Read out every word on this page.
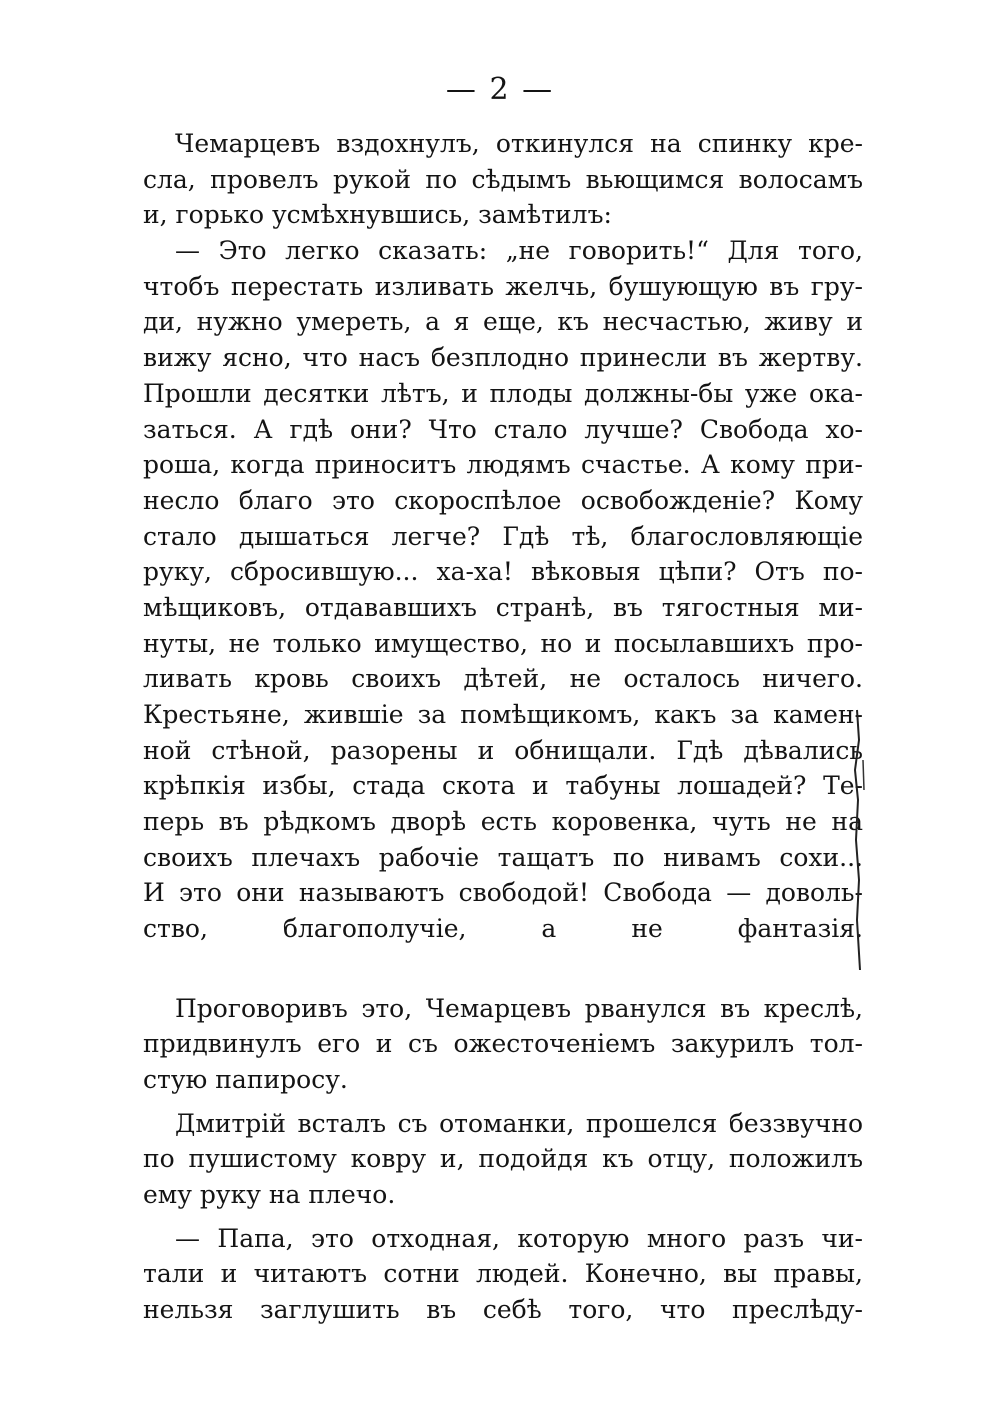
— 2 —
Чемарцевъ вздохнулъ, откинулся на спинку кре-
сла, провелъ рукой по сѣдымъ вьющимся волосамъ
и, горько усмѣхнувшись, замѣтилъ:
— Это легко сказать: „не говорить!“ Для того,
чтобъ перестать изливать желчь, бушующую въ гру-
ди, нужно умереть, а я еще, къ несчастью, живу и
вижу ясно, что насъ безплодно принесли въ жертву.
Прошли десятки лѣтъ, и плоды должны-бы уже ока-
заться. А гдѣ они? Что стало лучше? Свобода хо-
роша, когда приноситъ людямъ счастье. А кому при-
несло благо это скороспѣлое освобожденіе? Кому
стало дышаться легче? Гдѣ тѣ, благословляющіе
руку, сбросившую... ха-ха! вѣковыя цѣпи? Отъ по-
мѣщиковъ, отдававшихъ странѣ, въ тягостныя ми-
нуты, не только имущество, но и посылавшихъ про-
ливать кровь своихъ дѣтей, не осталось ничего.
Крестьяне, жившіе за помѣщикомъ, какъ за камен-
ной стѣной, разорены и обнищали. Гдѣ дѣвались
крѣпкія избы, стада скота и табуны лошадей? Те-
перь въ рѣдкомъ дворѣ есть коровенка, чуть не на
своихъ плечахъ рабочіе тащатъ по нивамъ сохи...
И это они называютъ свободой! Свобода — доволь-
ство, благополучіе, а не фантазія.
Проговоривъ это, Чемарцевъ рванулся въ креслѣ,
придвинулъ его и съ ожесточеніемъ закурилъ тол-
стую папиросу.
Дмитрій всталъ съ отоманки, прошелся беззвучно
по пушистому ковру и, подойдя къ отцу, положилъ
ему руку на плечо.
— Папа, это отходная, которую много разъ чи-
тали и читаютъ сотни людей. Конечно, вы правы,
нельзя заглушить въ себѣ того, что преслѣду-
